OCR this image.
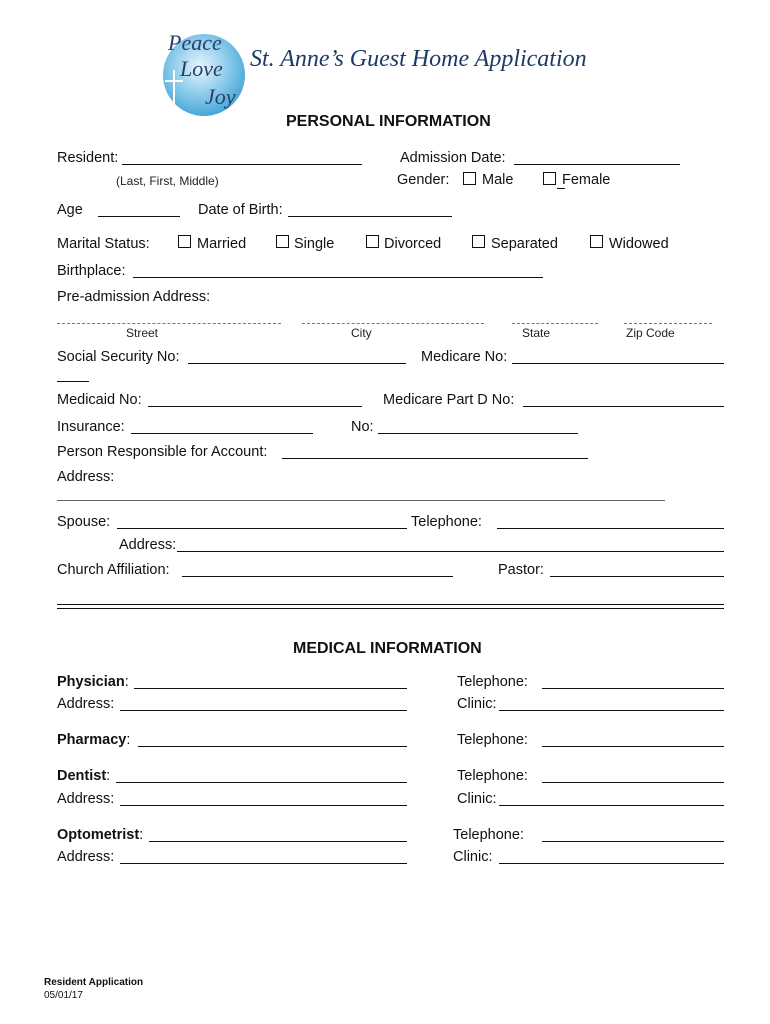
Peace
Love
Joy
St. Anne’s Guest Home Application
PERSONAL INFORMATION
Resident:
(Last, First, Middle)
Admission Date:
Gender: Male	Female
Age	Date of Birth:
Marital Status:	Married	Single	Divorced	Separated	Widowed
Birthplace:
Pre-admission Address:
Street	City	State	Zip Code
Social Security No:	Medicare No:
Medicaid No:	Medicare Part D No:
Insurance:	No:
Person Responsible for Account:
Address:
Spouse:	Telephone:
Address:
Church Affiliation:	Pastor:
MEDICAL INFORMATION
Physician:	Telephone:
Address:	Clinic:
Pharmacy:	Telephone:
Dentist:	Telephone:
Address:	Clinic:
Optometrist:	Telephone:
Address:	Clinic:
Resident Application
05/01/17
